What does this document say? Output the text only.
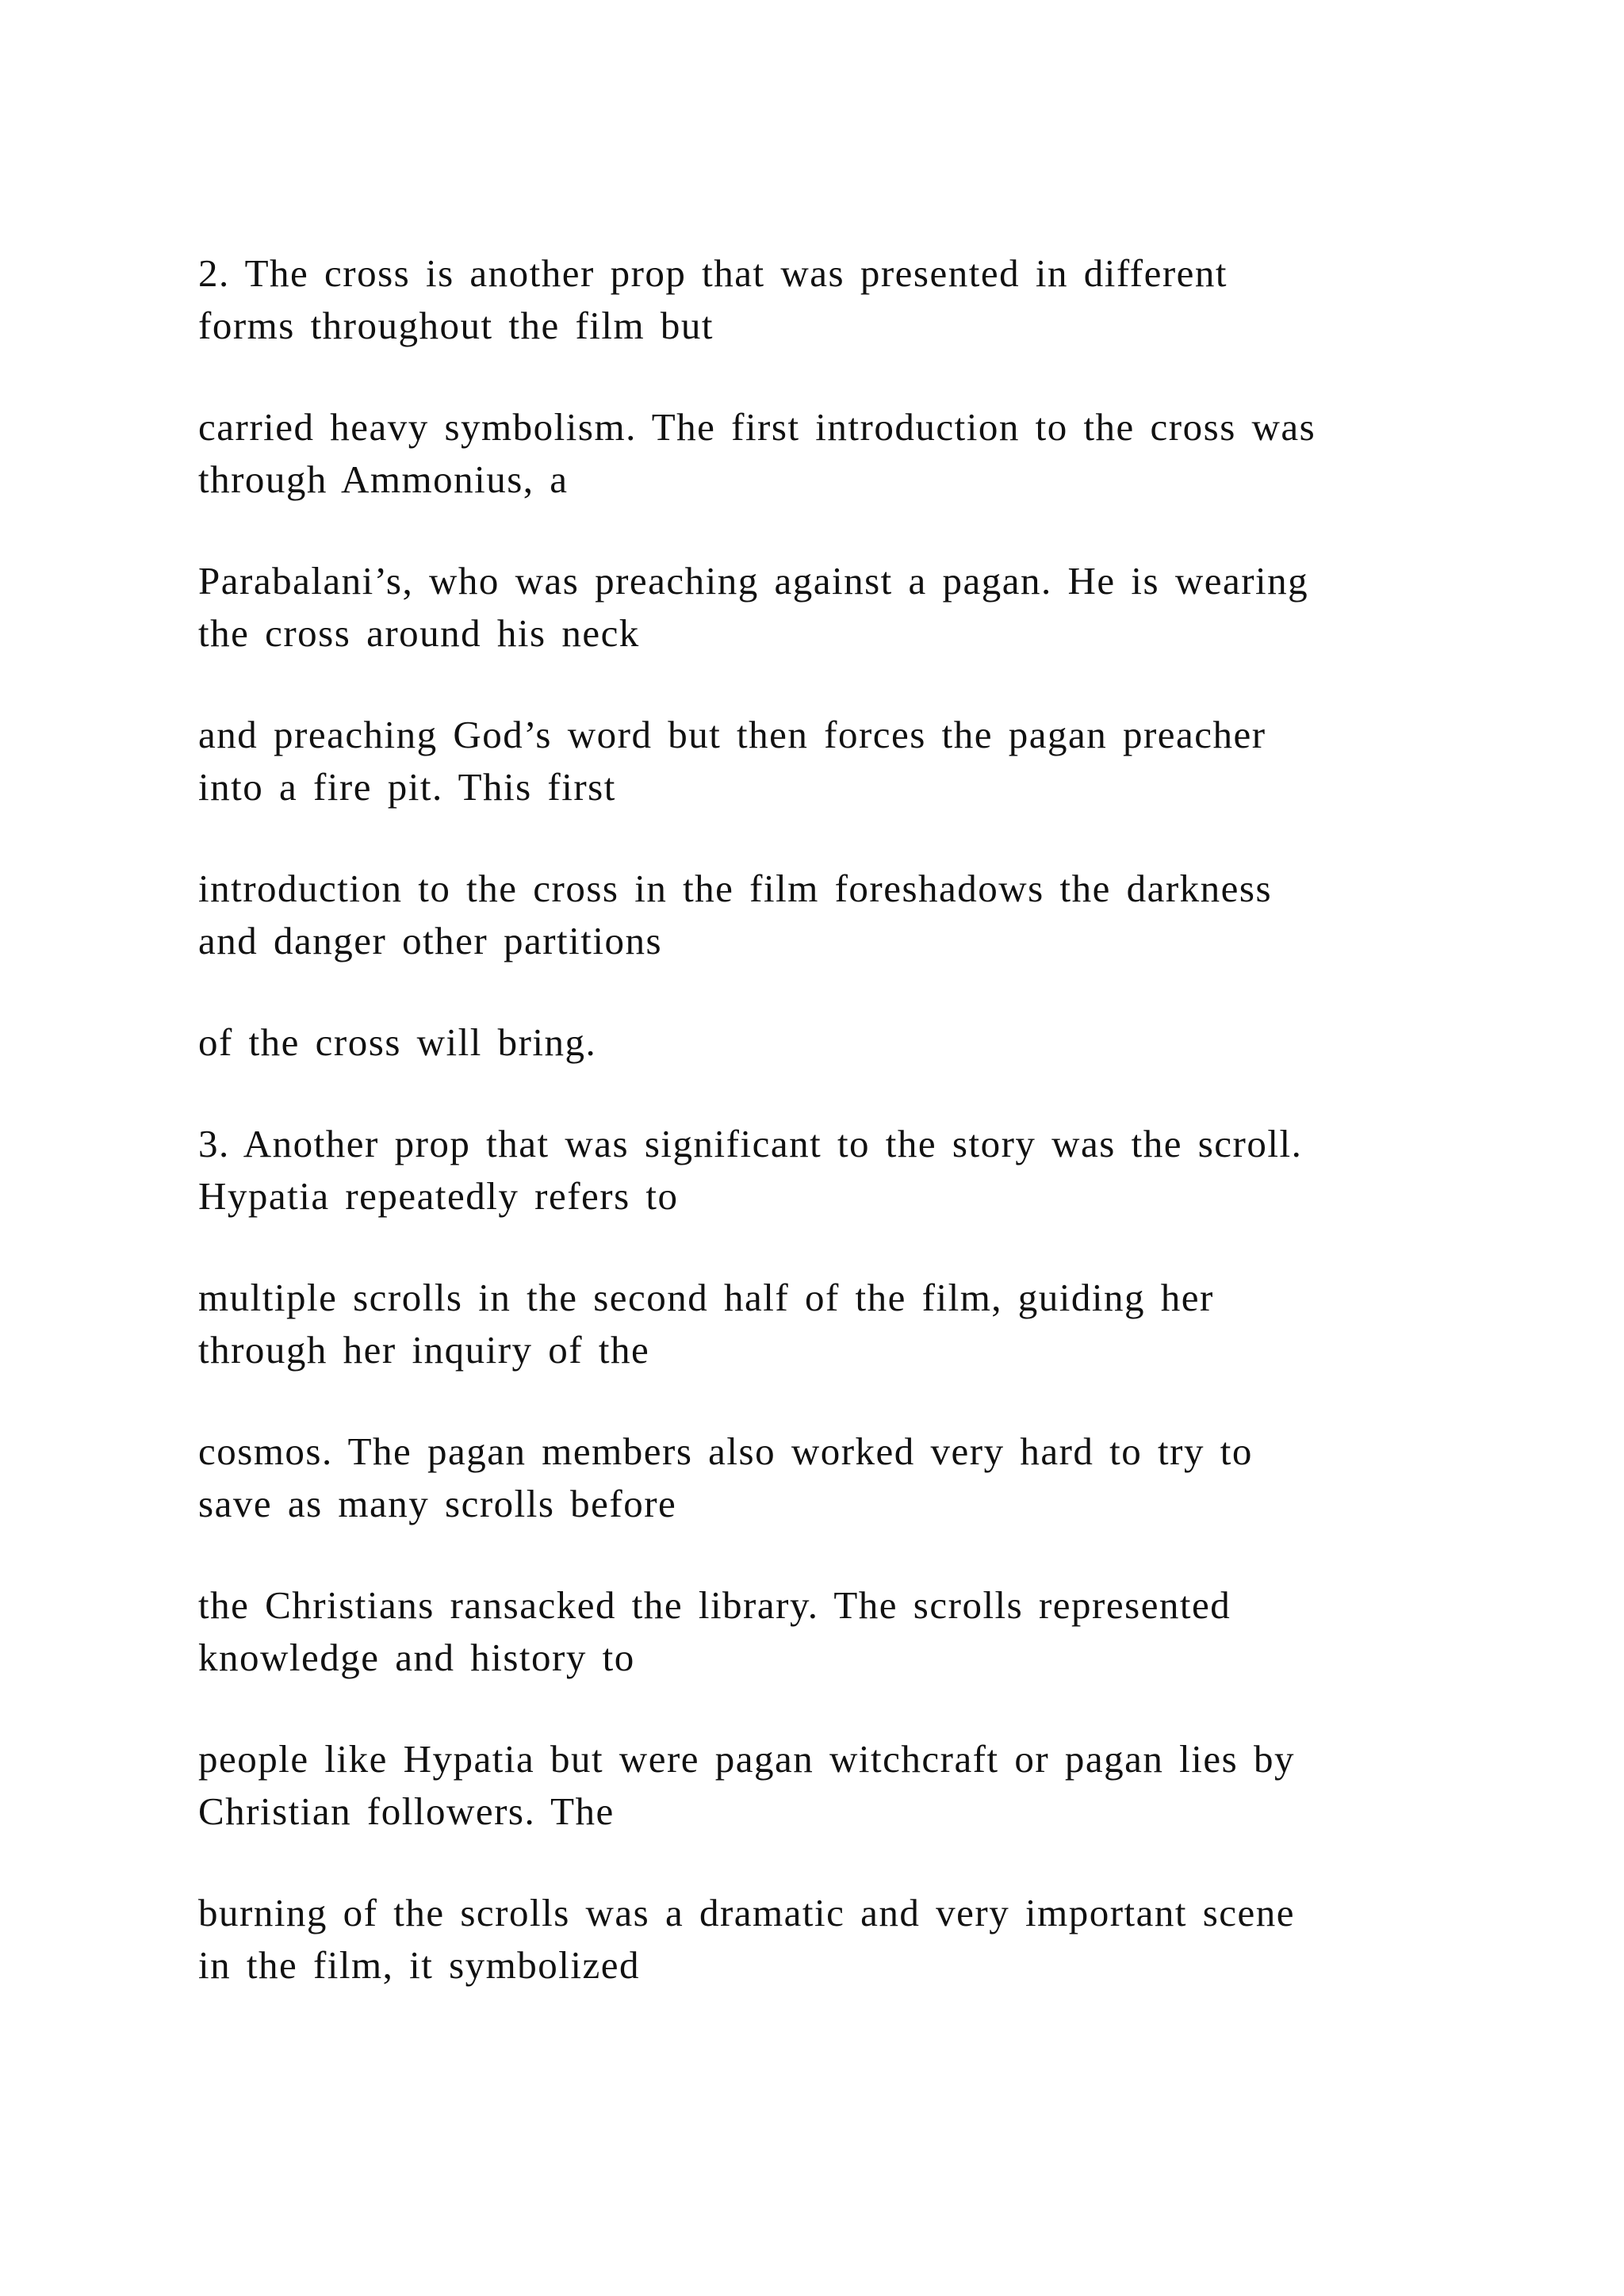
2. The cross is another prop that was presented in different
forms throughout the film but

carried heavy symbolism. The first introduction to the cross was
through Ammonius, a

Parabalani’s, who was preaching against a pagan. He is wearing
the cross around his neck

and preaching God’s word but then forces the pagan preacher
into a fire pit. This first

introduction to the cross in the film foreshadows the darkness
and danger other partitions

of the cross will bring.

3. Another prop that was significant to the story was the scroll.
Hypatia repeatedly refers to

multiple scrolls in the second half of the film, guiding her
through her inquiry of the

cosmos. The pagan members also worked very hard to try to
save as many scrolls before

the Christians ransacked the library. The scrolls represented
knowledge and history to

people like Hypatia but were pagan witchcraft or pagan lies by
Christian followers. The

burning of the scrolls was a dramatic and very important scene
in the film, it symbolized
